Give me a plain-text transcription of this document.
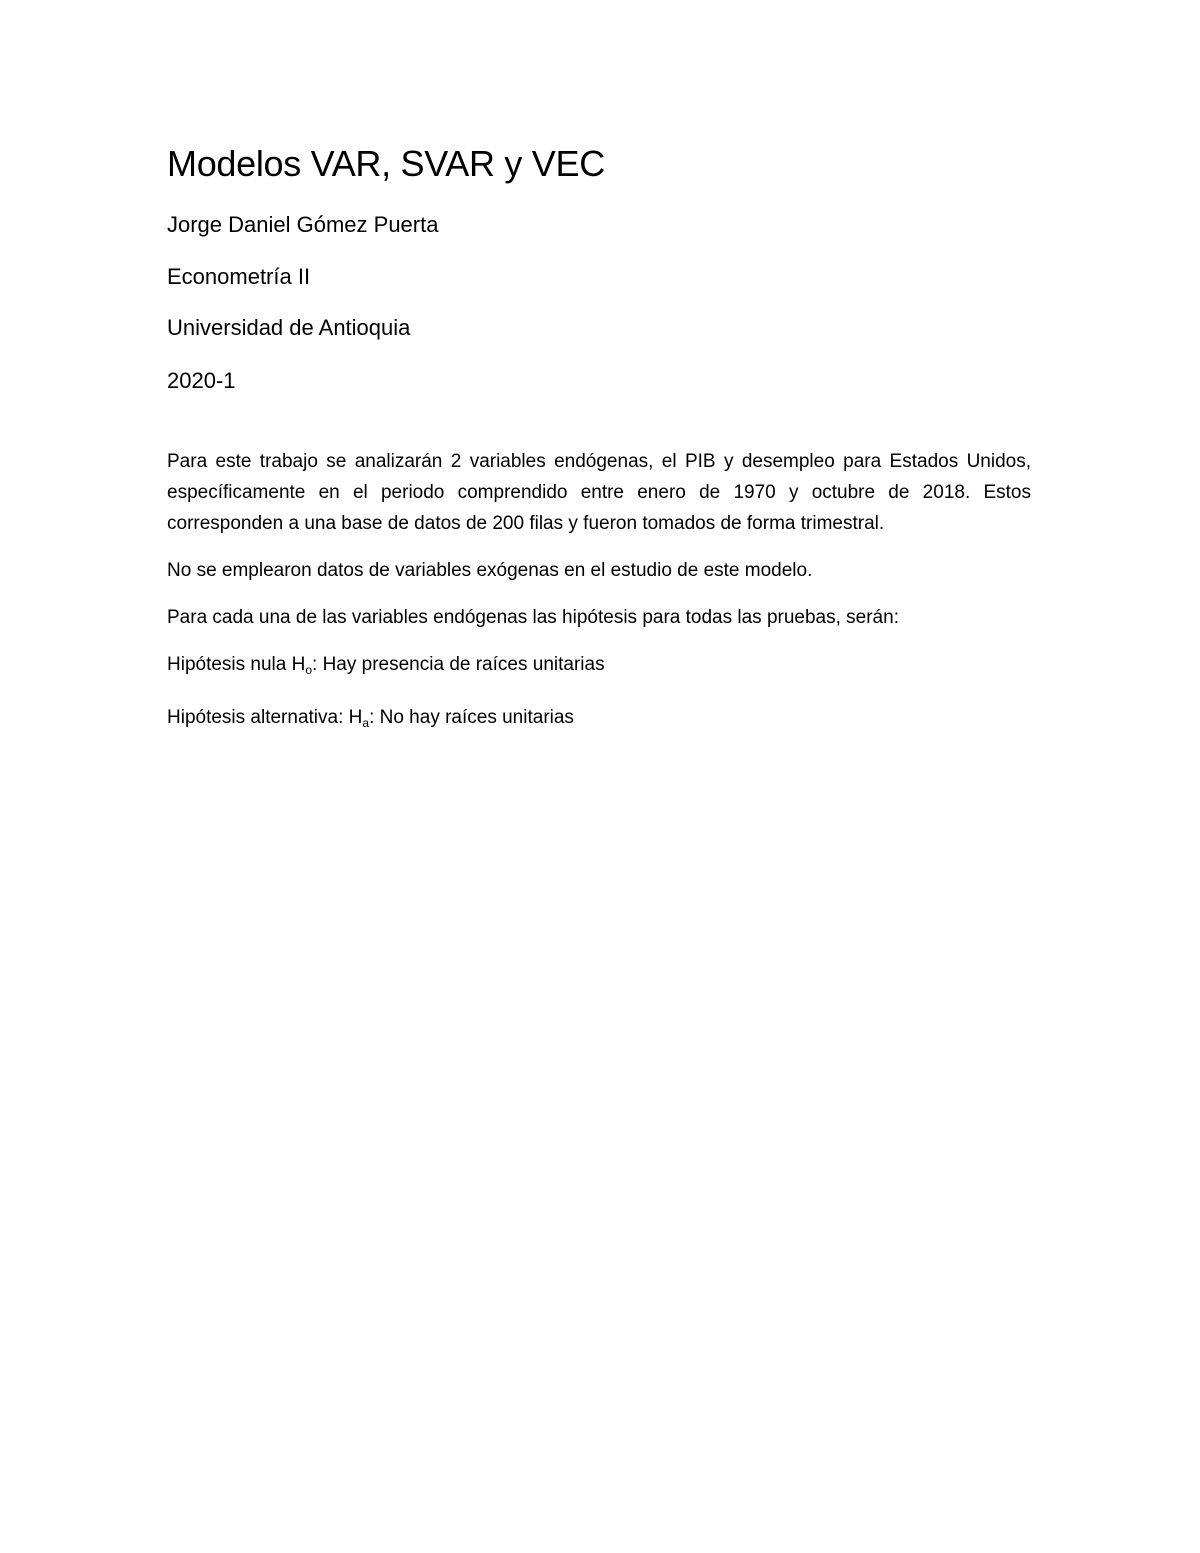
Modelos VAR, SVAR y VEC

Jorge Daniel Gómez Puerta

Econometría II

Universidad de Antioquia

2020-1

Para este trabajo se analizarán 2 variables endógenas, el PIB y desempleo para Estados Unidos, específicamente en el periodo comprendido entre enero de 1970 y octubre de 2018. Estos corresponden a una base de datos de 200 filas y fueron tomados de forma trimestral.

No se emplearon datos de variables exógenas en el estudio de este modelo.

Para cada una de las variables endógenas las hipótesis para todas las pruebas, serán:

Hipótesis nula $H_o$: Hay presencia de raíces unitarias

Hipótesis alternativa: $H_a$: No hay raíces unitarias
